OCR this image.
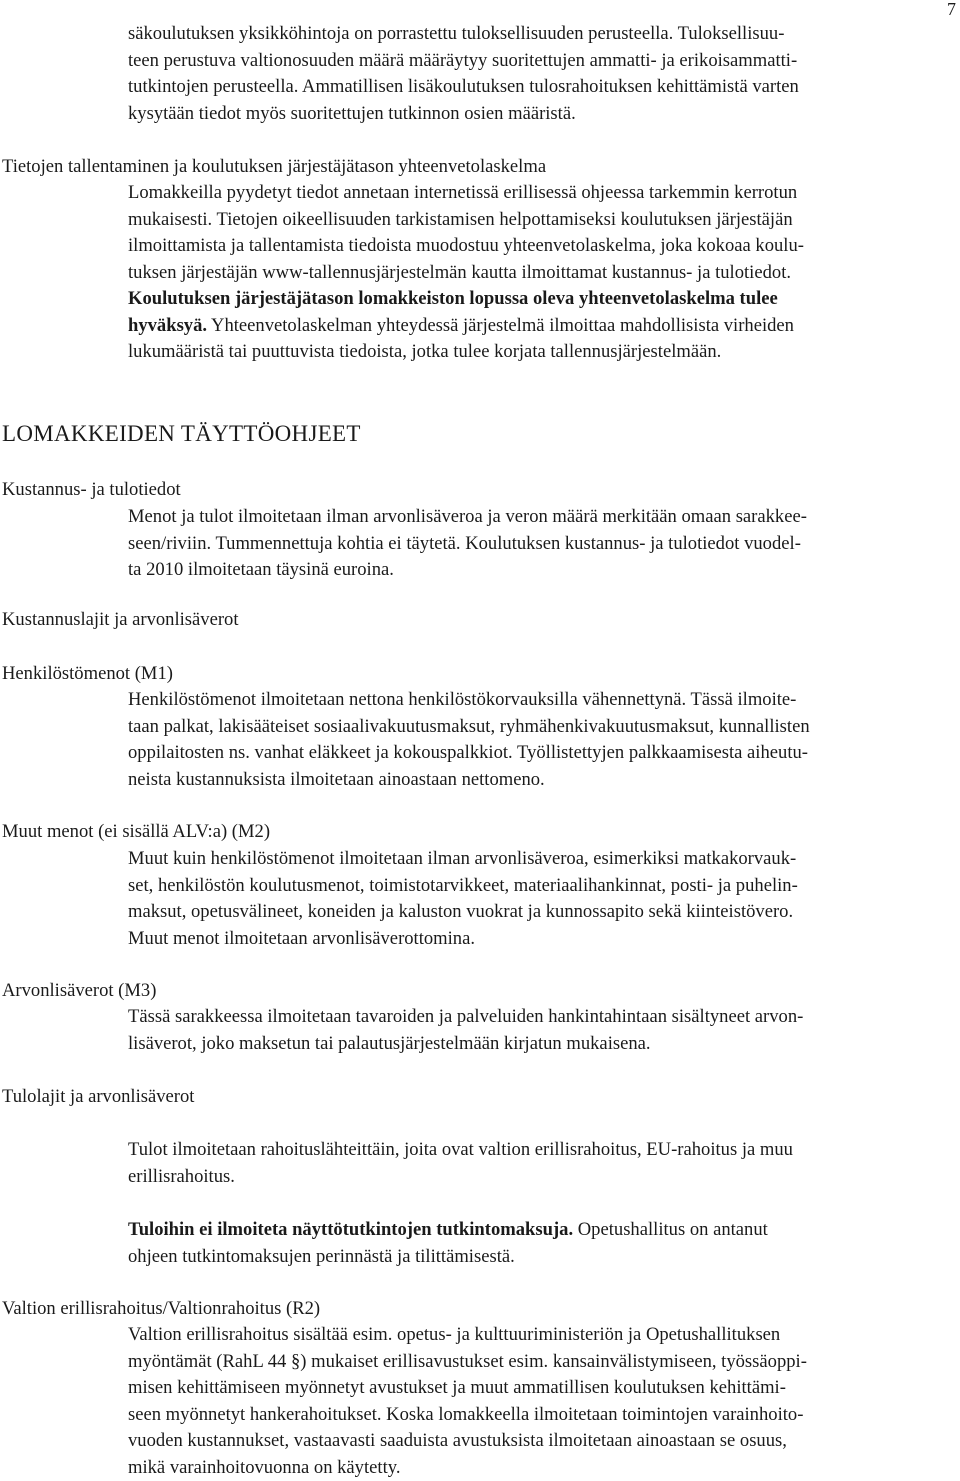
7
säkoulutuksen yksikköhintoja on porrastettu tuloksellisuuden perusteella. Tuloksellisuu-
teen perustuva valtionosuuden määrä määräytyy suoritettujen ammatti- ja erikoisammatti-
tutkintojen perusteella. Ammatillisen lisäkoulutuksen tulosrahoituksen kehittämistä varten
kysytään tiedot myös suoritettujen tutkinnon osien määristä.
Tietojen tallentaminen ja koulutuksen järjestäjätason yhteenvetolaskelma
Lomakkeilla pyydetyt tiedot annetaan internetissä erillisessä ohjeessa tarkemmin kerrotun
mukaisesti. Tietojen oikeellisuuden tarkistamisen helpottamiseksi koulutuksen järjestäjän
ilmoittamista ja tallentamista tiedoista muodostuu yhteenvetolaskelma, joka kokoaa koulu-
tuksen järjestäjän www-tallennusjärjestelmän kautta ilmoittamat kustannus- ja tulotiedot.
Koulutuksen järjestäjätason lomakkeiston lopussa oleva yhteenvetolaskelma tulee
hyväksyä. Yhteenvetolaskelman yhteydessä järjestelmä ilmoittaa mahdollisista virheiden
lukumääristä tai puuttuvista tiedoista, jotka tulee korjata tallennusjärjestelmään.
LOMAKKEIDEN TÄYTTÖOHJEET
Kustannus- ja tulotiedot
Menot ja tulot ilmoitetaan ilman arvonlisäveroa ja veron määrä merkitään omaan sarakkee-
seen/riviin. Tummennettuja kohtia ei täytetä. Koulutuksen kustannus- ja tulotiedot vuodel-
ta 2010 ilmoitetaan täysinä euroina.
Kustannuslajit ja arvonlisäverot
Henkilöstömenot (M1)
Henkilöstömenot ilmoitetaan nettona henkilöstökorvauksilla vähennettynä. Tässä ilmoite-
taan palkat, lakisääteiset sosiaalivakuutusmaksut, ryhmähenkivakuutusmaksut, kunnallisten
oppilaitosten ns. vanhat eläkkeet ja kokouspalkkiot. Työllistettyjen palkkaamisesta aiheutu-
neista kustannuksista ilmoitetaan ainoastaan nettomeno.
Muut menot (ei sisällä ALV:a) (M2)
Muut kuin henkilöstömenot ilmoitetaan ilman arvonlisäveroa, esimerkiksi matkakorvauk-
set, henkilöstön koulutusmenot, toimistotarvikkeet, materiaalihankinnat, posti- ja puhelin-
maksut, opetusvälineet, koneiden ja kaluston vuokrat ja kunnossapito sekä kiinteistövero.
Muut menot ilmoitetaan arvonlisäverottomina.
Arvonlisäverot (M3)
Tässä sarakkeessa ilmoitetaan tavaroiden ja palveluiden hankintahintaan sisältyneet arvon-
lisäverot, joko maksetun tai palautusjärjestelmään kirjatun mukaisena.
Tulolajit ja arvonlisäverot
Tulot ilmoitetaan rahoituslähteittäin, joita ovat valtion erillisrahoitus, EU-rahoitus ja muu
erillisrahoitus.
Tuloihin ei ilmoiteta näyttötutkintojen tutkintomaksuja. Opetushallitus on antanut
ohjeen tutkintomaksujen perinnästä ja tilittämisestä.
Valtion erillisrahoitus/Valtionrahoitus (R2)
Valtion erillisrahoitus sisältää esim. opetus- ja kulttuuriministeriön ja Opetushallituksen
myöntämät (RahL 44 §) mukaiset erillisavustukset esim. kansainvälistymiseen, työssäoppi-
misen kehittämiseen myönnetyt avustukset ja muut ammatillisen koulutuksen kehittämi-
seen myönnetyt hankerahoitukset. Koska lomakkeella ilmoitetaan toimintojen varainhoito-
vuoden kustannukset, vastaavasti saaduista avustuksista ilmoitetaan ainoastaan se osuus,
mikä varainhoitovuonna on käytetty.
